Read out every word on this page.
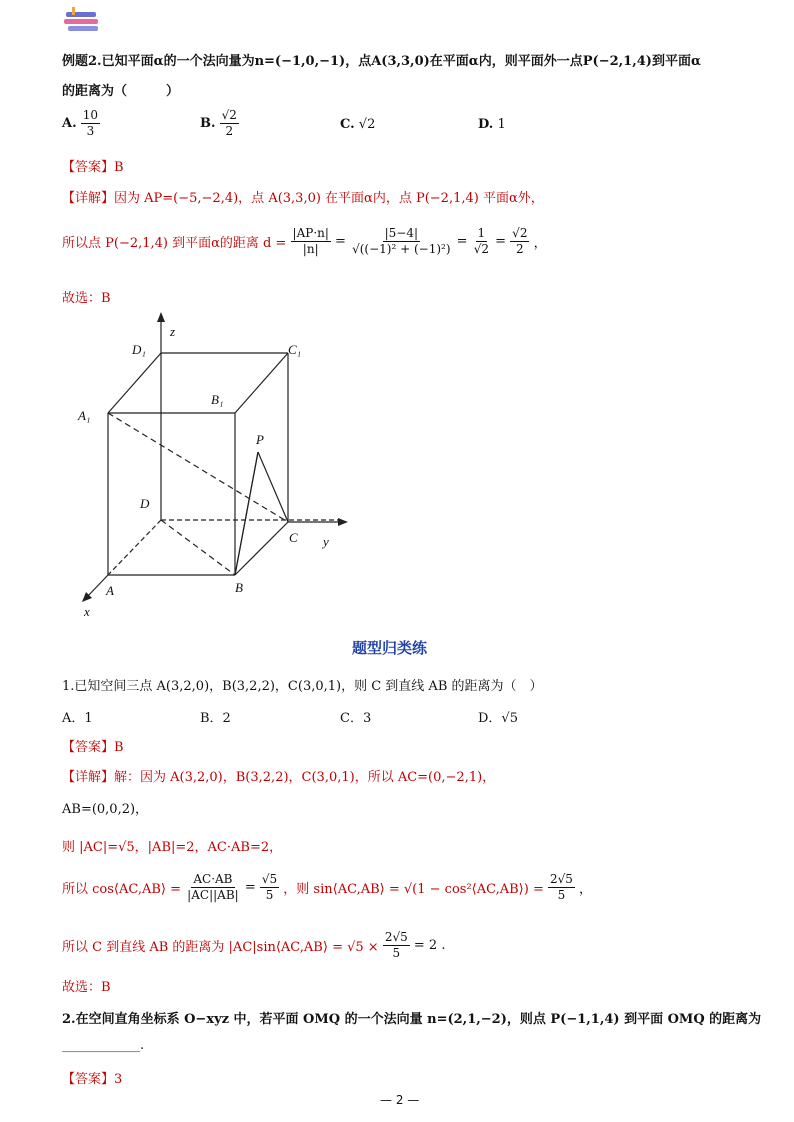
例题2.已知平面α的一个法向量为n=(−1,0,−1)，点A(3,3,0)在平面α内，则平面外一点P(−2,1,4)到平面α
的距离为（　　　）
A. $\frac{10}{3}$	B. $\frac{√2}{2}$	C. √2	D. 1
【答案】B
【详解】因为 AP=(−5,−2,4)，点 A(3,3,0) 在平面α内，点 P(−2,1,4) 平面α外，
所以点 P(−2,1,4) 到平面α的距离 $d = \frac{|AP\cdot n|}{|n|} = \frac{|5-4|}{\text{√((−1)² + (−1)²)}} = \frac{1}{√2} = \frac{√2}{2}$ ，
故选：B
z
y
x
D₁	C₁
A₁
B₁
P
D
C
A	B
题型归类练
1.已知空间三点 A(3,2,0)，B(3,2,2)，C(3,0,1)，则 C 到直线 AB 的距离为（　）
A．1	B．2	C．3	D．√5
【答案】B
【详解】解：因为 A(3,2,0)，B(3,2,2)，C(3,0,1)，所以 AC=(0,−2,1)，
AB=(0,0,2)，
则 |AC|=√5，|AB|=2，AC·AB=2，
所以 cos⟨AC,AB⟩ = $\frac{AC\cdot AB}{|AC||AB|} = \frac{√5}{5}$ ，则 sin⟨AC,AB⟩ = √(1 − cos²⟨AC,AB⟩) = $\frac{2√5}{5}$ ，
所以 C 到直线 AB 的距离为 |AC|sin⟨AC,AB⟩ = $√5 \times \frac{2√5}{5} = 2$ .
故选：B
2.在空间直角坐标系 O−xyz 中，若平面 OMQ 的一个法向量 n=(2,1,−2)，则点 P(−1,1,4) 到平面 OMQ 的距离为
____________.
【答案】3
— 2 —
